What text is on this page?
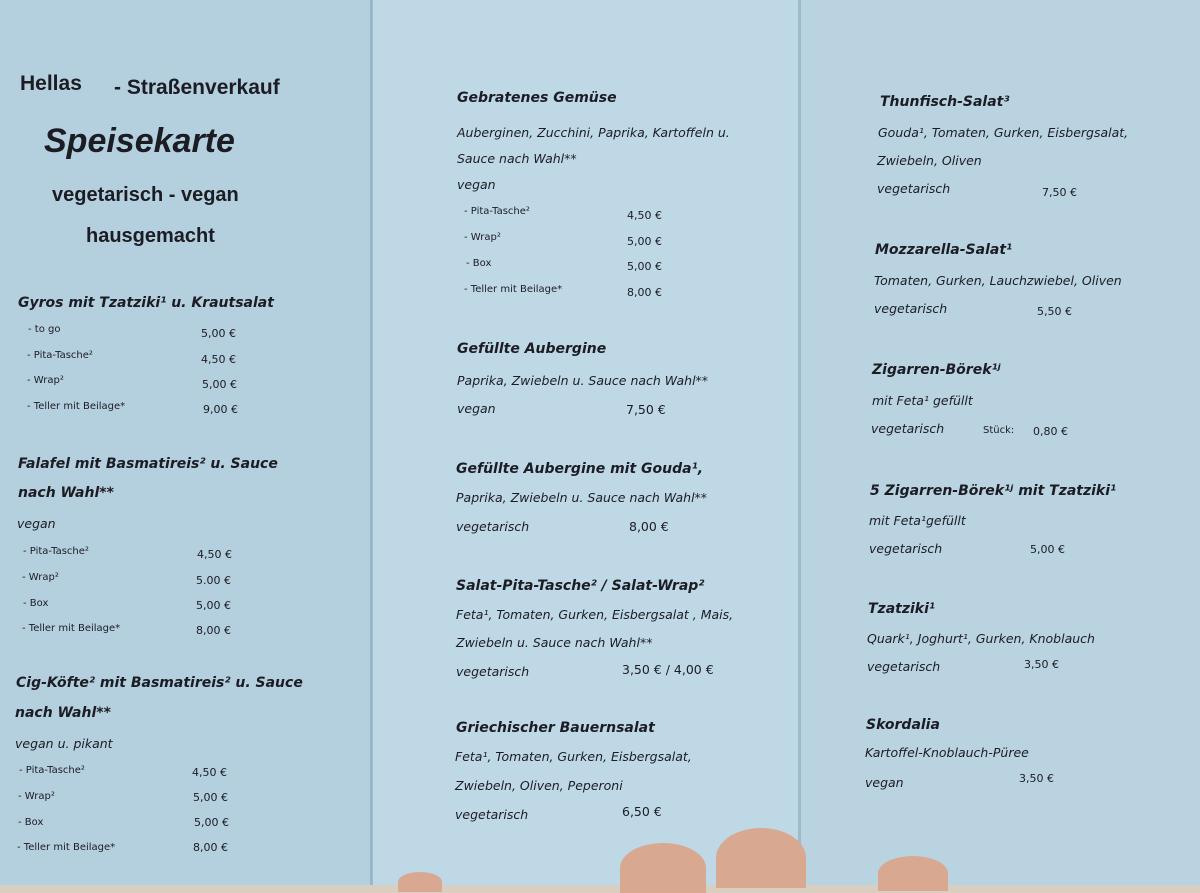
Hellas - Straßenverkauf
Speisekarte
vegetarisch - vegan
hausgemacht
Gyros mit Tzatziki¹ u. Krautsalat
- to go	5,00 €
- Pita-Tasche²	4,50 €
- Wrap²	5,00 €
- Teller mit Beilage*	9,00 €
Falafel mit Basmatireis² u. Sauce
nach Wahl**
vegan
- Pita-Tasche²	4,50 €
- Wrap²	5.00 €
- Box	5,00 €
- Teller mit Beilage*	8,00 €
Cig-Köfte² mit Basmatireis² u. Sauce
nach Wahl**
vegan u. pikant
- Pita-Tasche²	4,50 €
- Wrap²	5,00 €
- Box	5,00 €
- Teller mit Beilage*	8,00 €
Gebratenes Gemüse
Auberginen, Zucchini, Paprika, Kartoffeln u.
Sauce nach Wahl**
vegan
- Pita-Tasche²	4,50 €
- Wrap²	5,00 €
- Box	5,00 €
- Teller mit Beilage*	8,00 €
Gefüllte Aubergine
Paprika, Zwiebeln u. Sauce nach Wahl**
vegan	7,50 €
Gefüllte Aubergine mit Gouda¹,
Paprika, Zwiebeln u. Sauce nach Wahl**
vegetarisch	8,00 €
Salat-Pita-Tasche² / Salat-Wrap²
Feta¹, Tomaten, Gurken, Eisbergsalat , Mais,
Zwiebeln u. Sauce nach Wahl**
vegetarisch	3,50 € / 4,00 €
Griechischer Bauernsalat
Feta¹, Tomaten, Gurken, Eisbergsalat,
Zwiebeln, Oliven, Peperoni
vegetarisch	6,50 €
Thunfisch-Salat³
Gouda¹, Tomaten, Gurken, Eisbergsalat,
Zwiebeln, Oliven
vegetarisch	7,50 €
Mozzarella-Salat¹
Tomaten, Gurken, Lauchzwiebel, Oliven
vegetarisch	5,50 €
Zigarren-Börek¹ʲ
mit Feta¹ gefüllt
vegetarisch	Stück: 0,80 €
5 Zigarren-Börek¹ʲ mit Tzatziki¹
mit Feta¹gefüllt
vegetarisch	5,00 €
Tzatziki¹
Quark¹, Joghurt¹, Gurken, Knoblauch
vegetarisch	3,50 €
Skordalia
Kartoffel-Knoblauch-Püree
vegan	3,50 €
